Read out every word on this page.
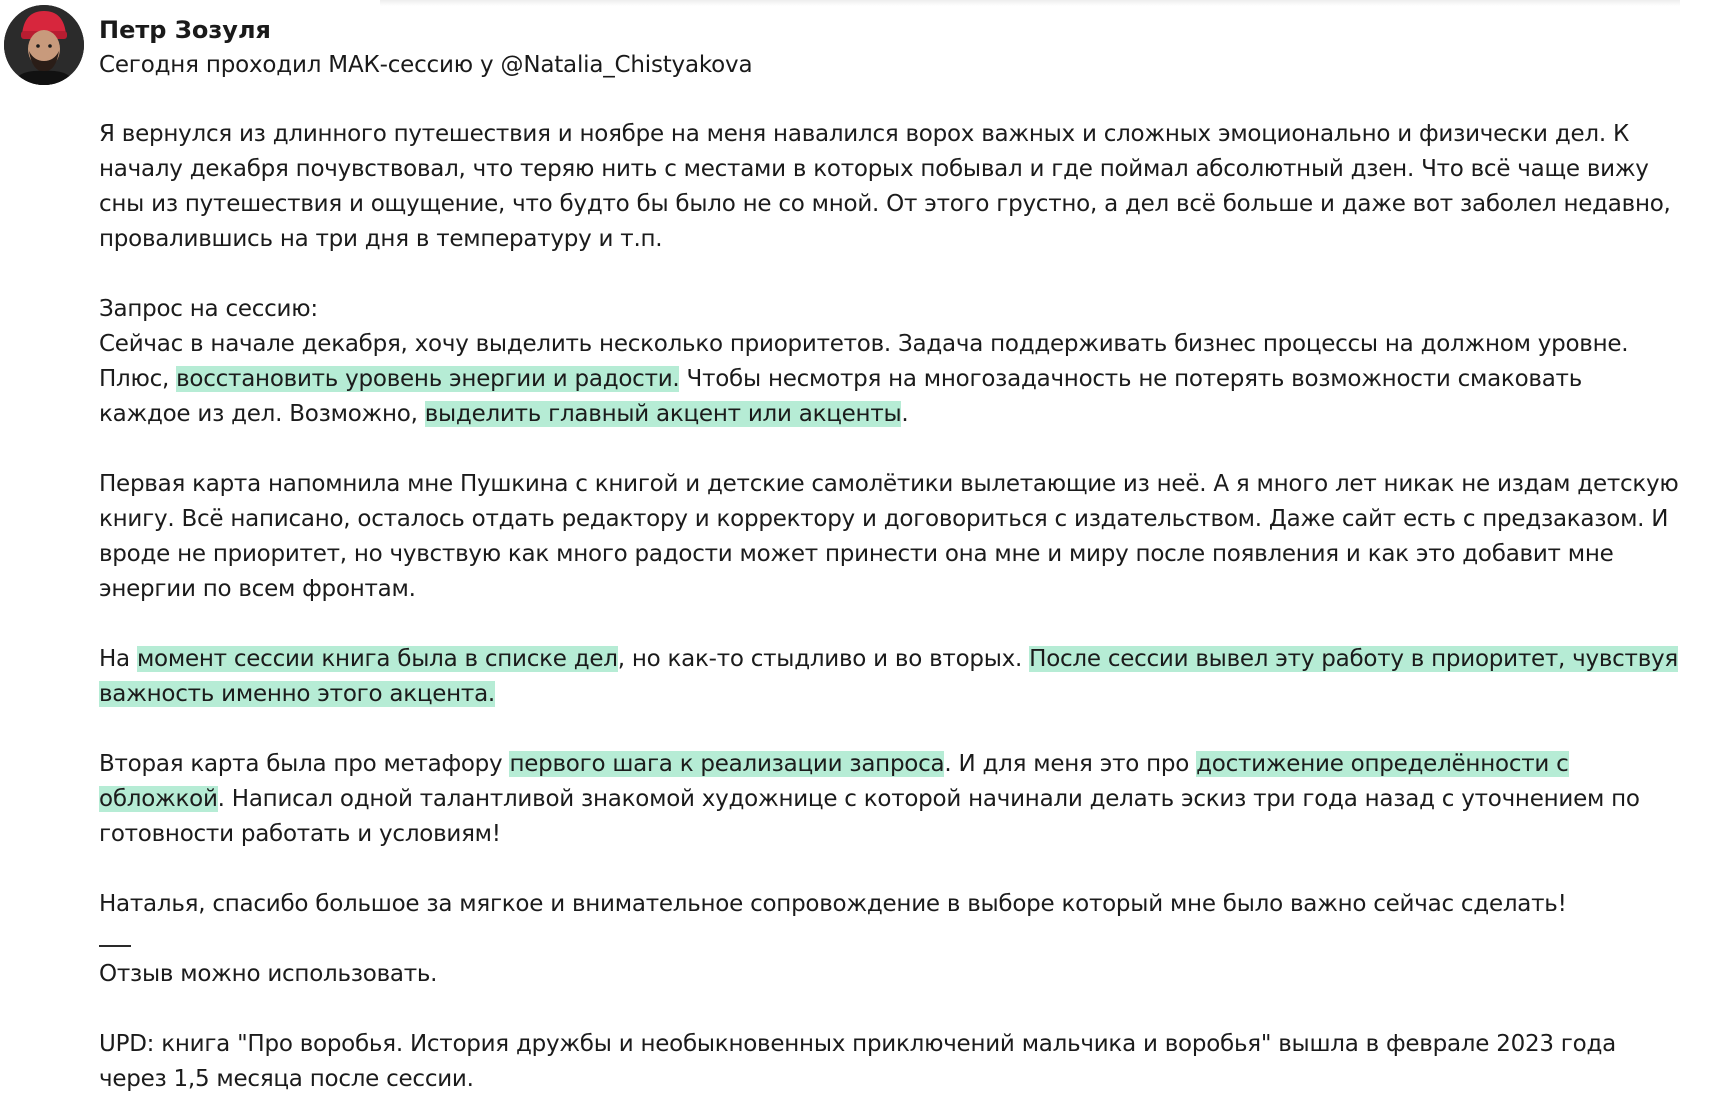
Петр Зозуля
Сегодня проходил МАК-сессию у @Natalia_Chistyakova
Я вернулся из длинного путешествия и ноябре на меня навалился ворох важных и сложных эмоционально и физически дел. К
началу декабря почувствовал, что теряю нить с местами в которых побывал и где поймал абсолютный дзен. Что всё чаще вижу
сны из путешествия и ощущение, что будто бы было не со мной. От этого грустно, а дел всё больше и даже вот заболел недавно,
провалившись на три дня в температуру и т.п.
Запрос на сессию:
Сейчас в начале декабря, хочу выделить несколько приоритетов. Задача поддерживать бизнес процессы на должном уровне.
Плюс, восстановить уровень энергии и радости. Чтобы несмотря на многозадачность не потерять возможности смаковать
каждое из дел. Возможно, выделить главный акцент или акценты.
Первая карта напомнила мне Пушкина с книгой и детские самолётики вылетающие из неё. А я много лет никак не издам детскую
книгу. Всё написано, осталось отдать редактору и корректору и договориться с издательством. Даже сайт есть с предзаказом. И
вроде не приоритет, но чувствую как много радости может принести она мне и миру после появления и как это добавит мне
энергии по всем фронтам.
На момент сессии книга была в списке дел, но как-то стыдливо и во вторых. После сессии вывел эту работу в приоритет, чувствуя
важность именно этого акцента.
Вторая карта была про метафору первого шага к реализации запроса. И для меня это про достижение определённости с
обложкой. Написал одной талантливой знакомой художнице с которой начинали делать эскиз три года назад с уточнением по
готовности работать и условиям!
Наталья, спасибо большое за мягкое и внимательное сопровождение в выборе который мне было важно сейчас сделать!
Отзыв можно использовать.
UPD: книга "Про воробья. История дружбы и необыкновенных приключений мальчика и воробья" вышла в феврале 2023 года
через 1,5 месяца после сессии.
